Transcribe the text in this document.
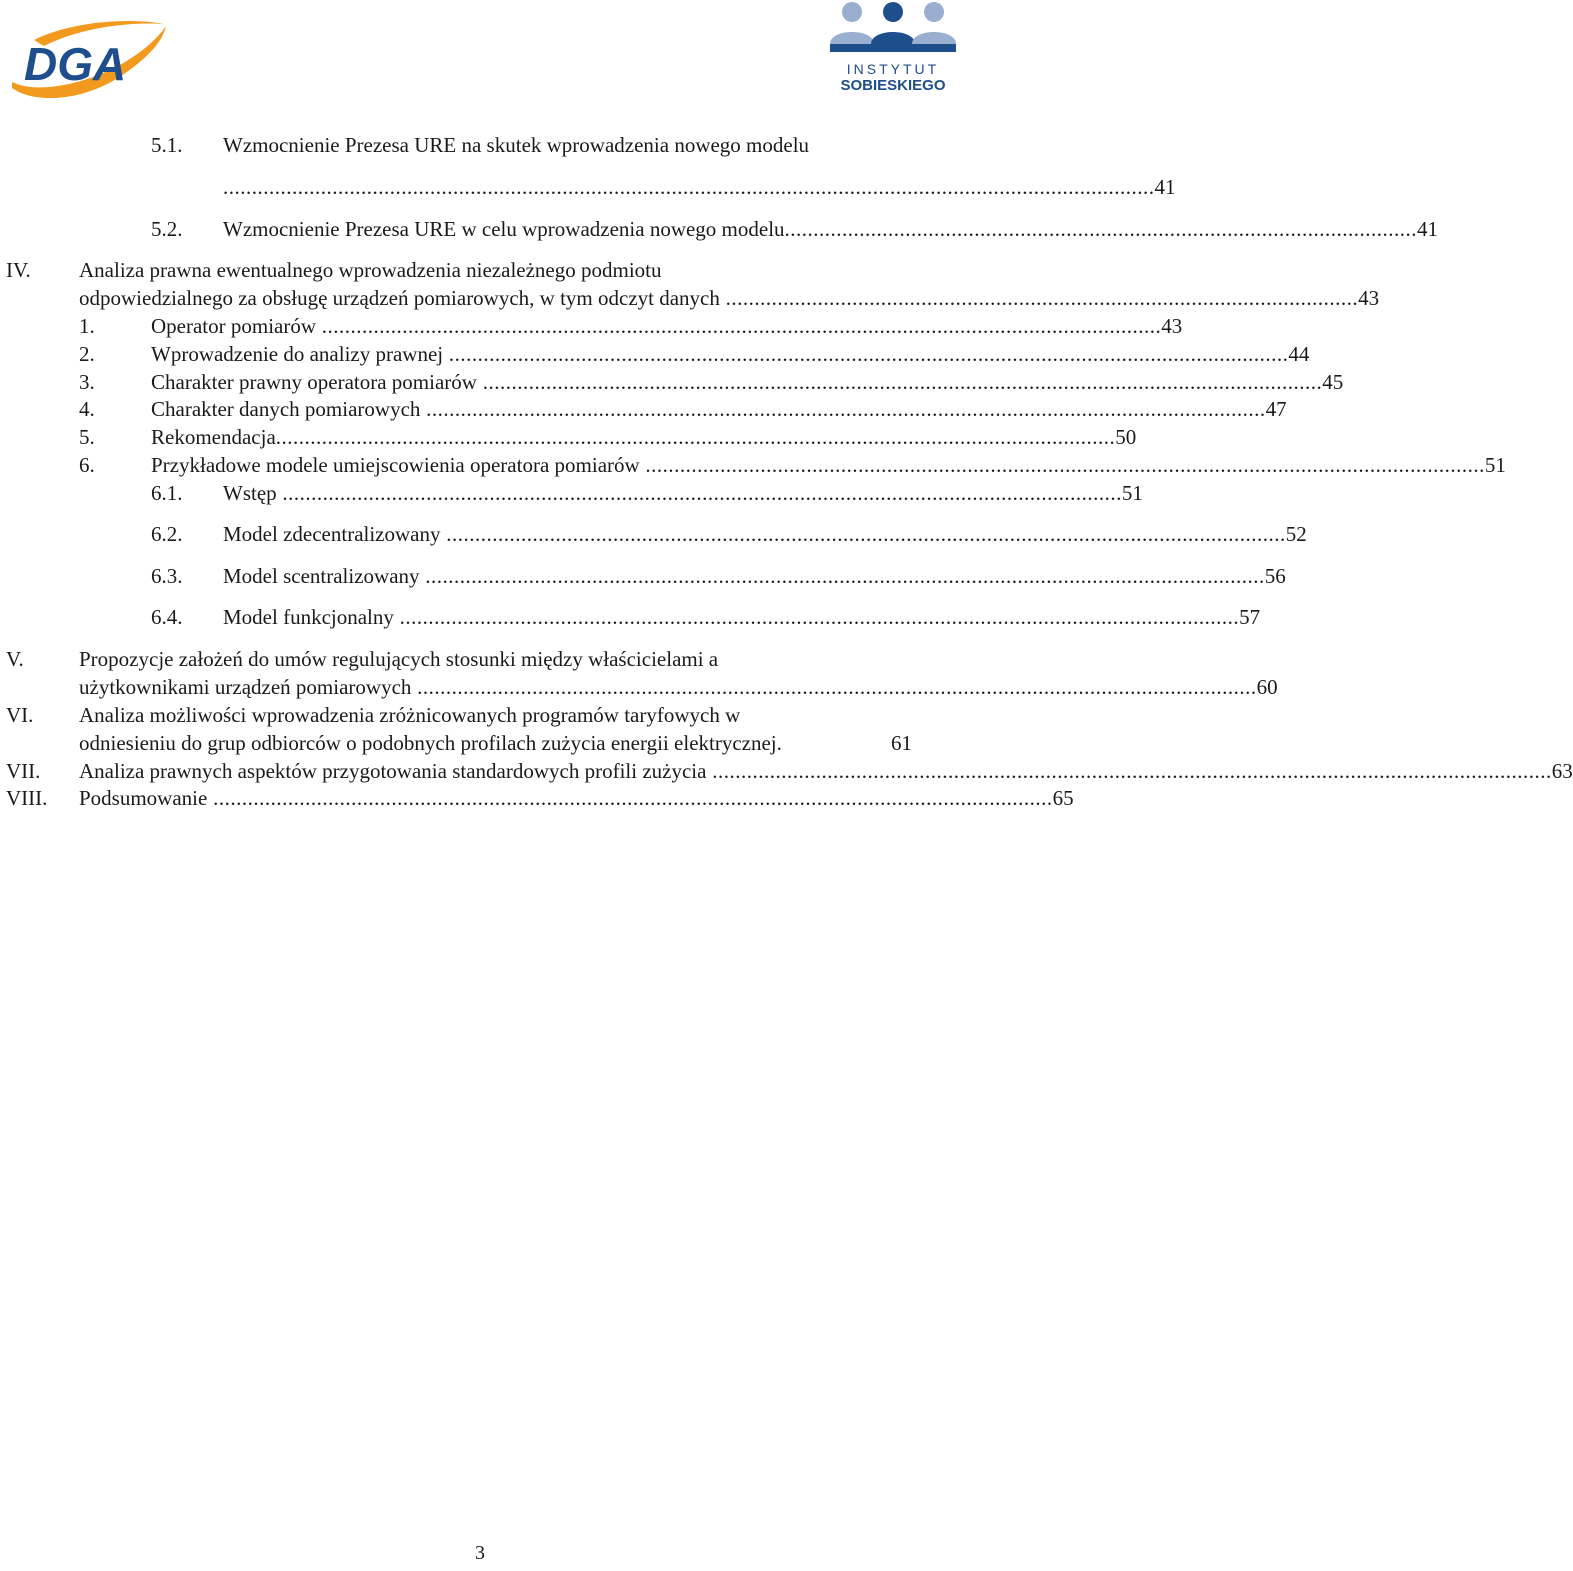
DGA	INSTYTUT
SOBIESKIEGO
5.1. Wzmocnienie Prezesa URE na skutek wprowadzenia nowego modelu
.................................................................................................................................................................. 41
5.2. Wzmocnienie Prezesa URE w celu wprowadzenia nowego modelu .............................................................................................................. 41
IV. Analiza prawna ewentualnego wprowadzenia niezależnego podmiotu
odpowiedzialnego za obsługę urządzeń pomiarowych, w tym odczyt danych .............................................................................................................. 43
1.	Operator pomiarów .................................................................................................................................................. 43
2.	Wprowadzenie do analizy prawnej .................................................................................................................................................. 44
3.	Charakter prawny operatora pomiarów .................................................................................................................................................. 45
4.	Charakter danych pomiarowych .................................................................................................................................................. 47
5.	Rekomendacja .................................................................................................................................................. 50
6.	Przykładowe modele umiejscowienia operatora pomiarów .................................................................................................................................................. 51
6.1. Wstęp .................................................................................................................................................. 51
6.2. Model zdecentralizowany .................................................................................................................................................. 52
6.3. Model scentralizowany .................................................................................................................................................. 56
6.4. Model funkcjonalny .................................................................................................................................................. 57
V.	Propozycje założeń do umów regulujących stosunki między właścicielami a
użytkownikami urządzeń pomiarowych .................................................................................................................................................. 60
VI. Analiza możliwości wprowadzenia zróżnicowanych programów taryfowych w
odniesieniu do grup odbiorców o podobnych profilach zużycia energii elektrycznej.
	61
VII. Analiza prawnych aspektów przygotowania standardowych profili zużycia .................................................................................................................................................. 63
VIII. Podsumowanie .................................................................................................................................................. 65
3
